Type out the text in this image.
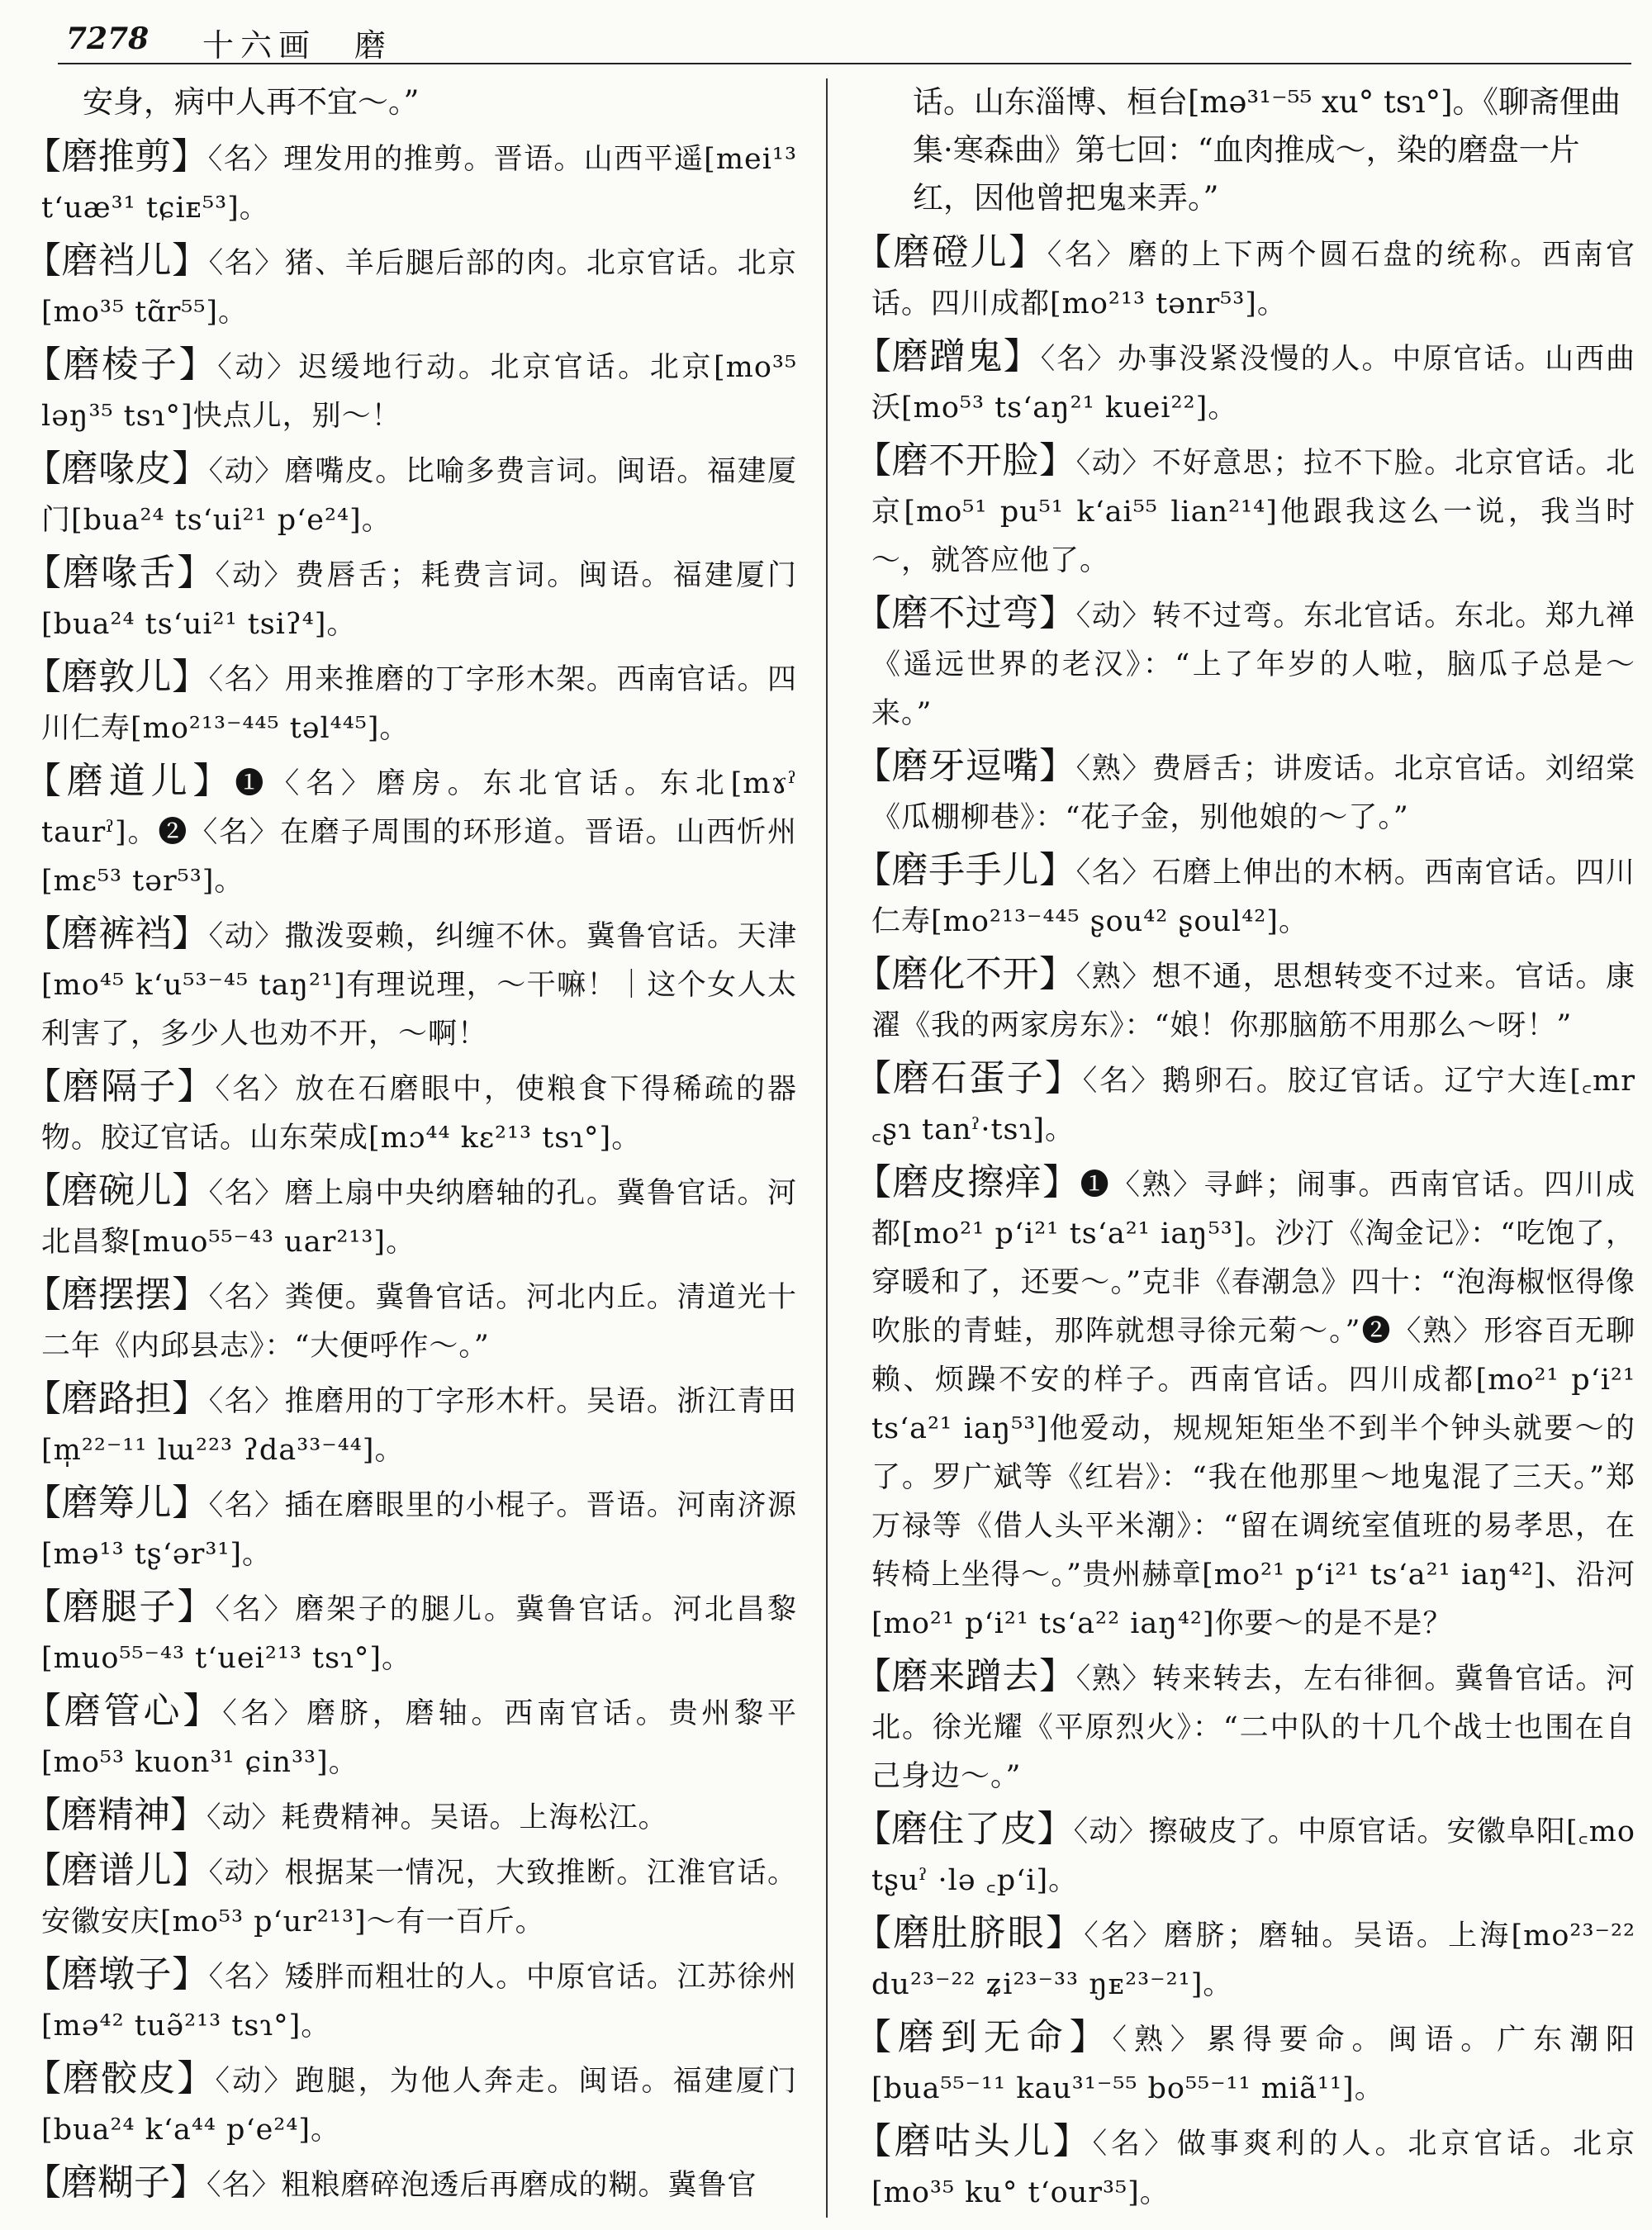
7278 十六画　磨
安身，病中人再不宜～。”

【磨推剪】〈名〉理发用的推剪。晋语。山西平遥[mei¹³ tʻuæ³¹ tɕiᴇ⁵³]。

【磨裆儿】〈名〉猪、羊后腿后部的肉。北京官话。北京[mo³⁵ tɑ̃r⁵⁵]。

【磨棱子】〈动〉迟缓地行动。北京官话。北京[mo³⁵ ləŋ³⁵ tsɿ°]快点儿，别～！

【磨喙皮】〈动〉磨嘴皮。比喻多费言词。闽语。福建厦门[bua²⁴ tsʻui²¹ pʻe²⁴]。

【磨喙舌】〈动〉费唇舌；耗费言词。闽语。福建厦门[bua²⁴ tsʻui²¹ tsiʔ⁴]。

【磨敦儿】〈名〉用来推磨的丁字形木架。西南官话。四川仁寿[mo²¹³⁻⁴⁴⁵ təl⁴⁴⁵]。

【磨道儿】❶〈名〉磨房。东北官话。东北[mɤˀ taurˀ]。❷〈名〉在磨子周围的环形道。晋语。山西忻州[mɛ⁵³ tər⁵³]。

【磨裤裆】〈动〉撒泼耍赖，纠缠不休。冀鲁官话。天津[mo⁴⁵ kʻu⁵³⁻⁴⁵ taŋ²¹]有理说理，～干嘛！｜这个女人太利害了，多少人也劝不开，～啊！

【磨隔子】〈名〉放在石磨眼中，使粮食下得稀疏的器物。胶辽官话。山东荣成[mɔ⁴⁴ kɛ²¹³ tsɿ°]。

【磨碗儿】〈名〉磨上扇中央纳磨轴的孔。冀鲁官话。河北昌黎[muo⁵⁵⁻⁴³ uar²¹³]。

【磨摆摆】〈名〉粪便。冀鲁官话。河北内丘。清道光十二年《内邱县志》：“大便呼作～。”

【磨路担】〈名〉推磨用的丁字形木杆。吴语。浙江青田[m̩²²⁻¹¹ lɯ²²³ ʔda³³⁻⁴⁴]。

【磨筹儿】〈名〉插在磨眼里的小棍子。晋语。河南济源[mə¹³ tʂʻər³¹]。

【磨腿子】〈名〉磨架子的腿儿。冀鲁官话。河北昌黎[muo⁵⁵⁻⁴³ tʻuei²¹³ tsɿ°]。

【磨管心】〈名〉磨脐，磨轴。西南官话。贵州黎平[mo⁵³ kuon³¹ ɕin³³]。

【磨精神】〈动〉耗费精神。吴语。上海松江。

【磨谱儿】〈动〉根据某一情况，大致推断。江淮官话。安徽安庆[mo⁵³ pʻur²¹³]～有一百斤。

【磨墩子】〈名〉矮胖而粗壮的人。中原官话。江苏徐州[mə⁴² tuə̃²¹³ tsɿ°]。

【磨骹皮】〈动〉跑腿，为他人奔走。闽语。福建厦门[bua²⁴ kʻa⁴⁴ pʻe²⁴]。

【磨糊子】〈名〉粗粮磨碎泡透后再磨成的糊。冀鲁官

话。山东淄博、桓台[mə³¹⁻⁵⁵ xu° tsɿ°]。《聊斋俚曲集·寒森曲》第七回：“血肉推成～，染的磨盘一片红，因他曾把鬼来弄。”

【磨磴儿】〈名〉磨的上下两个圆石盘的统称。西南官话。四川成都[mo²¹³ tənr⁵³]。

【磨蹭鬼】〈名〉办事没紧没慢的人。中原官话。山西曲沃[mo⁵³ tsʻaŋ²¹ kuei²²]。

【磨不开脸】〈动〉不好意思；拉不下脸。北京官话。北京[mo⁵¹ pu⁵¹ kʻai⁵⁵ lian²¹⁴]他跟我这么一说，我当时～，就答应他了。

【磨不过弯】〈动〉转不过弯。东北官话。东北。郑九禅《遥远世界的老汉》：“上了年岁的人啦，脑瓜子总是～来。”

【磨牙逗嘴】〈熟〉费唇舌；讲废话。北京官话。刘绍棠《瓜棚柳巷》：“花子金，别他娘的～了。”

【磨手手儿】〈名〉石磨上伸出的木柄。西南官话。四川仁寿[mo²¹³⁻⁴⁴⁵ ʂou⁴² ʂoul⁴²]。

【磨化不开】〈熟〉想不通，思想转变不过来。官话。康濯《我的两家房东》：“娘！你那脑筋不用那么～呀！”

【磨石蛋子】〈名〉鹅卵石。胶辽官话。辽宁大连[꜀mr ꜀ʂɿ tanˀ·tsɿ]。

【磨皮擦痒】❶〈熟〉寻衅；闹事。西南官话。四川成都[mo²¹ pʻi²¹ tsʻa²¹ iaŋ⁵³]。沙汀《淘金记》：“吃饱了，穿暖和了，还要～。”克非《春潮急》四十：“泡海椒怄得像吹胀的青蛙，那阵就想寻徐元菊～。”❷〈熟〉形容百无聊赖、烦躁不安的样子。西南官话。四川成都[mo²¹ pʻi²¹ tsʻa²¹ iaŋ⁵³]他爱动，规规矩矩坐不到半个钟头就要～的了。罗广斌等《红岩》：“我在他那里～地鬼混了三天。”郑万禄等《借人头平米潮》：“留在调统室值班的易孝思，在转椅上坐得～。”贵州赫章[mo²¹ pʻi²¹ tsʻa²¹ iaŋ⁴²]、沿河[mo²¹ pʻi²¹ tsʻa²² iaŋ⁴²]你要～的是不是？

【磨来蹭去】〈熟〉转来转去，左右徘徊。冀鲁官话。河北。徐光耀《平原烈火》：“二中队的十几个战士也围在自己身边～。”

【磨住了皮】〈动〉擦破皮了。中原官话。安徽阜阳[꜀mo tʂuˀ ·lə ꜀pʻi]。

【磨肚脐眼】〈名〉磨脐；磨轴。吴语。上海[mo²³⁻²² du²³⁻²² ʑi²³⁻³³ ŋᴇ²³⁻²¹]。

【磨到无命】〈熟〉累得要命。闽语。广东潮阳[bua⁵⁵⁻¹¹ kau³¹⁻⁵⁵ bo⁵⁵⁻¹¹ miã¹¹]。

【磨咕头儿】〈名〉做事爽利的人。北京官话。北京[mo³⁵ ku° tʻour³⁵]。
